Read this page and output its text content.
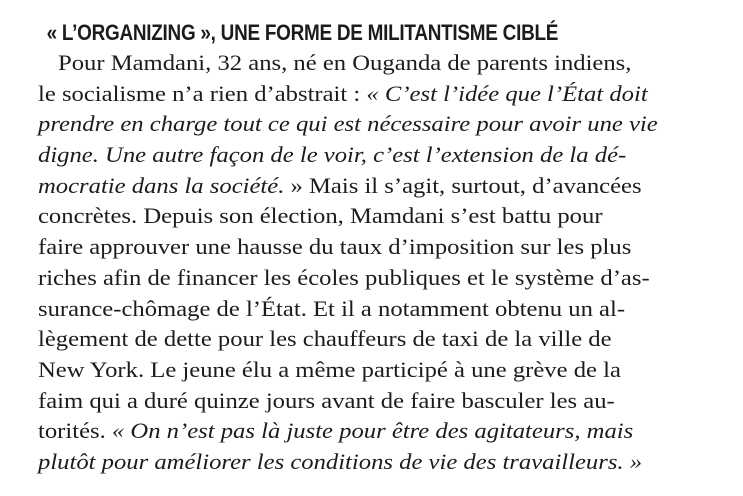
« L’ORGANIZING », UNE FORME DE MILITANTISME CIBLÉ
Pour Mamdani, 32 ans, né en Ouganda de parents indiens,
le socialisme n’a rien d’abstrait : « C’est l’idée que l’État doit
prendre en charge tout ce qui est nécessaire pour avoir une vie
digne. Une autre façon de le voir, c’est l’extension de la dé-
mocratie dans la société. » Mais il s’agit, surtout, d’avancées
concrètes. Depuis son élection, Mamdani s’est battu pour
faire approuver une hausse du taux d’imposition sur les plus
riches afin de financer les écoles publiques et le système d’as-
surance-chômage de l’État. Et il a notamment obtenu un al-
lègement de dette pour les chauffeurs de taxi de la ville de
New York. Le jeune élu a même participé à une grève de la
faim qui a duré quinze jours avant de faire basculer les au-
torités. « On n’est pas là juste pour être des agitateurs, mais
plutôt pour améliorer les conditions de vie des travailleurs. »
